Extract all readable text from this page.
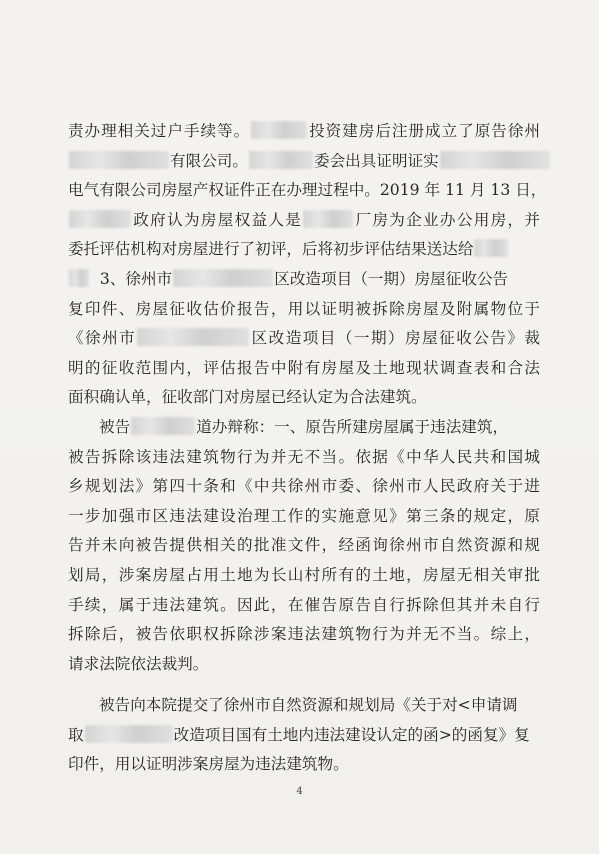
责办理相关过户手续等。	投资建房后注册成立了原告徐州
有限公司。	委会出具证明证实
电气有限公司房屋产权证件正在办理过程中。2019 年 11 月 13 日，
政府认为房屋权益人是	厂房为企业办公用房，并
委托评估机构对房屋进行了初评，后将初步评估结果送达给
3、徐州市	区改造项目（一期）房屋征收公告
复印件、房屋征收估价报告，用以证明被拆除房屋及附属物位于
《徐州市	区改造项目（一期）房屋征收公告》裁
明的征收范围内，评估报告中附有房屋及土地现状调查表和合法
面积确认单，征收部门对房屋已经认定为合法建筑。
被告	道办辩称：一、原告所建房屋属于违法建筑，
被告拆除该违法建筑物行为并无不当。依据《中华人民共和国城
乡规划法》第四十条和《中共徐州市委、徐州市人民政府关于进
一步加强市区违法建设治理工作的实施意见》第三条的规定，原
告并未向被告提供相关的批准文件，经函询徐州市自然资源和规
划局，涉案房屋占用土地为长山村所有的土地，房屋无相关审批
手续，属于违法建筑。因此，在催告原告自行拆除但其并未自行
拆除后，被告依职权拆除涉案违法建筑物行为并无不当。综上，
请求法院依法裁判。
被告向本院提交了徐州市自然资源和规划局《关于对<申请调
取	改造项目国有土地内违法建设认定的函>的函复》复
印件，用以证明涉案房屋为违法建筑物。
4
